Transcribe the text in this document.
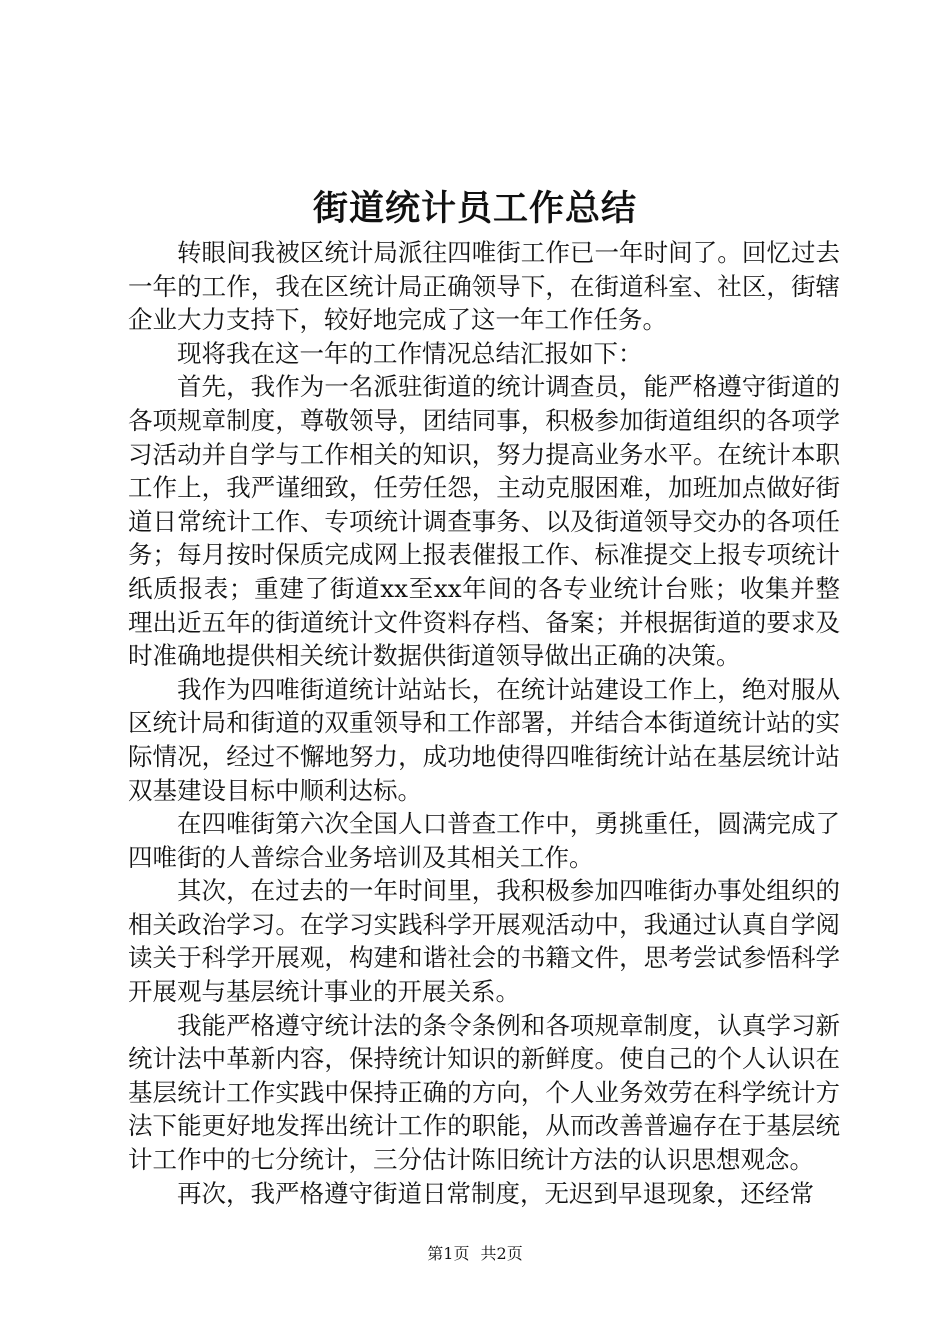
街道统计员工作总结

转眼间我被区统计局派往四唯街工作已一年时间了。回忆过去一年的工作，我在区统计局正确领导下，在街道科室、社区，街辖企业大力支持下，较好地完成了这一年工作任务。

现将我在这一年的工作情况总结汇报如下：

首先，我作为一名派驻街道的统计调查员，能严格遵守街道的各项规章制度，尊敬领导，团结同事，积极参加街道组织的各项学习活动并自学与工作相关的知识，努力提高业务水平。在统计本职工作上，我严谨细致，任劳任怨，主动克服困难，加班加点做好街道日常统计工作、专项统计调查事务、以及街道领导交办的各项任务；每月按时保质完成网上报表催报工作、标准提交上报专项统计纸质报表；重建了街道xx至xx年间的各专业统计台账；收集并整理出近五年的街道统计文件资料存档、备案；并根据街道的要求及时准确地提供相关统计数据供街道领导做出正确的决策。

我作为四唯街道统计站站长，在统计站建设工作上，绝对服从区统计局和街道的双重领导和工作部署，并结合本街道统计站的实际情况，经过不懈地努力，成功地使得四唯街统计站在基层统计站双基建设目标中顺利达标。

在四唯街第六次全国人口普查工作中，勇挑重任，圆满完成了四唯街的人普综合业务培训及其相关工作。

其次，在过去的一年时间里，我积极参加四唯街办事处组织的相关政治学习。在学习实践科学开展观活动中，我通过认真自学阅读关于科学开展观，构建和谐社会的书籍文件，思考尝试参悟科学开展观与基层统计事业的开展关系。

我能严格遵守统计法的条令条例和各项规章制度，认真学习新统计法中革新内容，保持统计知识的新鲜度。使自己的个人认识在基层统计工作实践中保持正确的方向，个人业务效劳在科学统计方法下能更好地发挥出统计工作的职能，从而改善普遍存在于基层统计工作中的七分统计，三分估计陈旧统计方法的认识思想观念。

再次，我严格遵守街道日常制度，无迟到早退现象，还经常

第1页 共2页
